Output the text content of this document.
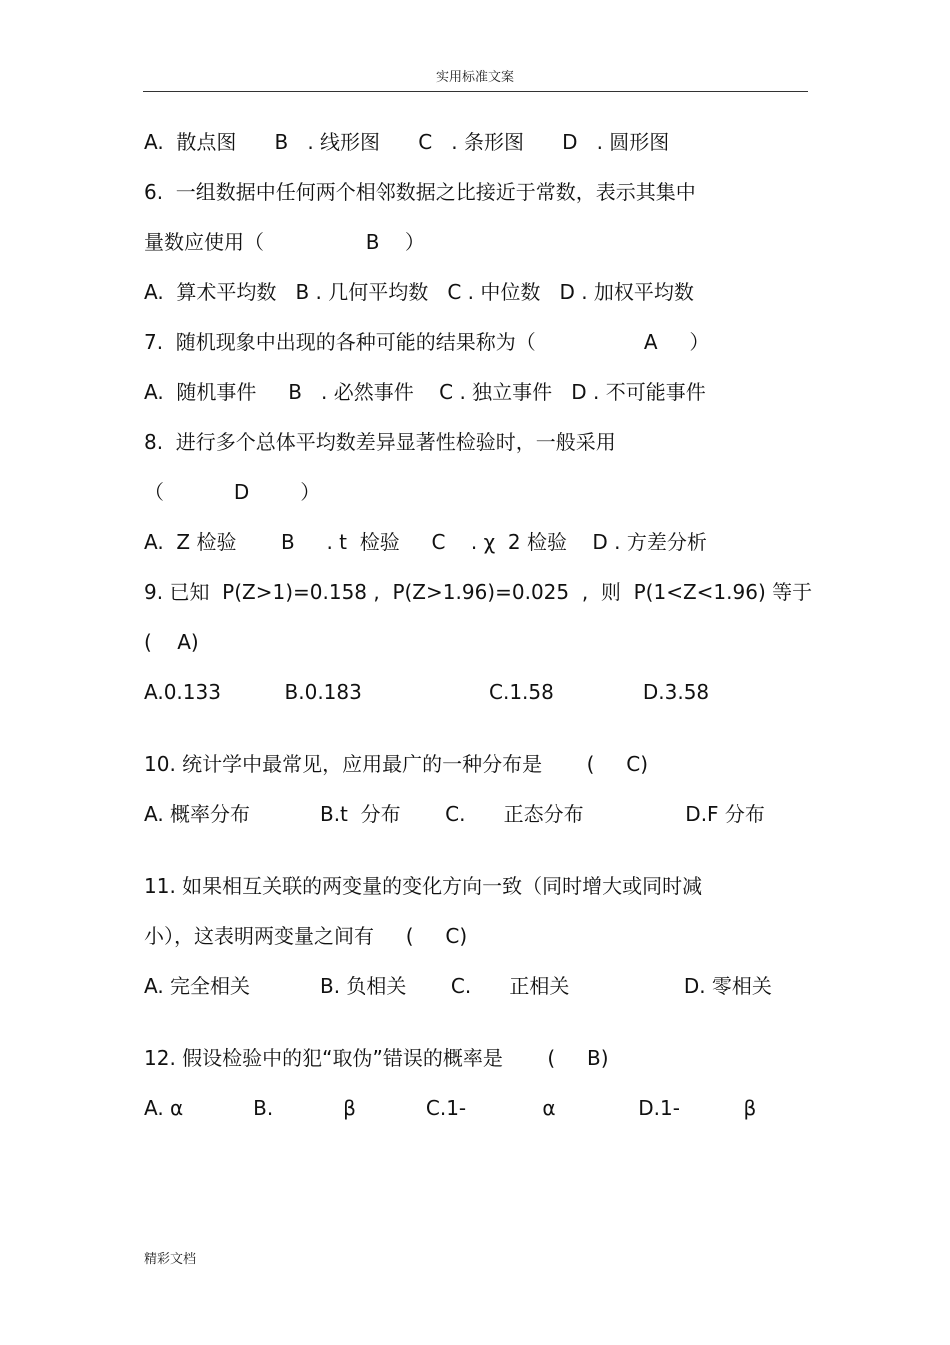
实用标准文案
A.  散点图      B   . 线形图      C   . 条形图      D   . 圆形图
6.  一组数据中任何两个相邻数据之比接近于常数，表示其集中
量数应使用（                B    ）
A.  算术平均数   B . 几何平均数   C . 中位数   D . 加权平均数
7.  随机现象中出现的各种可能的结果称为（                 A     ）
A.  随机事件     B   . 必然事件    C . 独立事件   D . 不可能事件
8.  进行多个总体平均数差异显著性检验时，一般采用
（           D        ）
A.  Z 检验       B     . t  检验     C    . χ  2 检验    D . 方差分析
9. 已知  P(Z>1)=0.158 ,  P(Z>1.96)=0.025  ,  则  P(1<Z<1.96) 等于
(    A)
A.0.133          B.0.183                    C.1.58              D.3.58
10. 统计学中最常见，应用最广的一种分布是       (     C)
A. 概率分布           B.t  分布       C.      正态分布                D.F 分布
11. 如果相互关联的两变量的变化方向一致（同时增大或同时减
小），这表明两变量之间有     (     C)
A. 完全相关           B. 负相关       C.      正相关                  D. 零相关
12. 假设检验中的犯“取伪”错误的概率是       (     B)
A. α           B.           β           C.1-            α             D.1-          β
精彩文档
